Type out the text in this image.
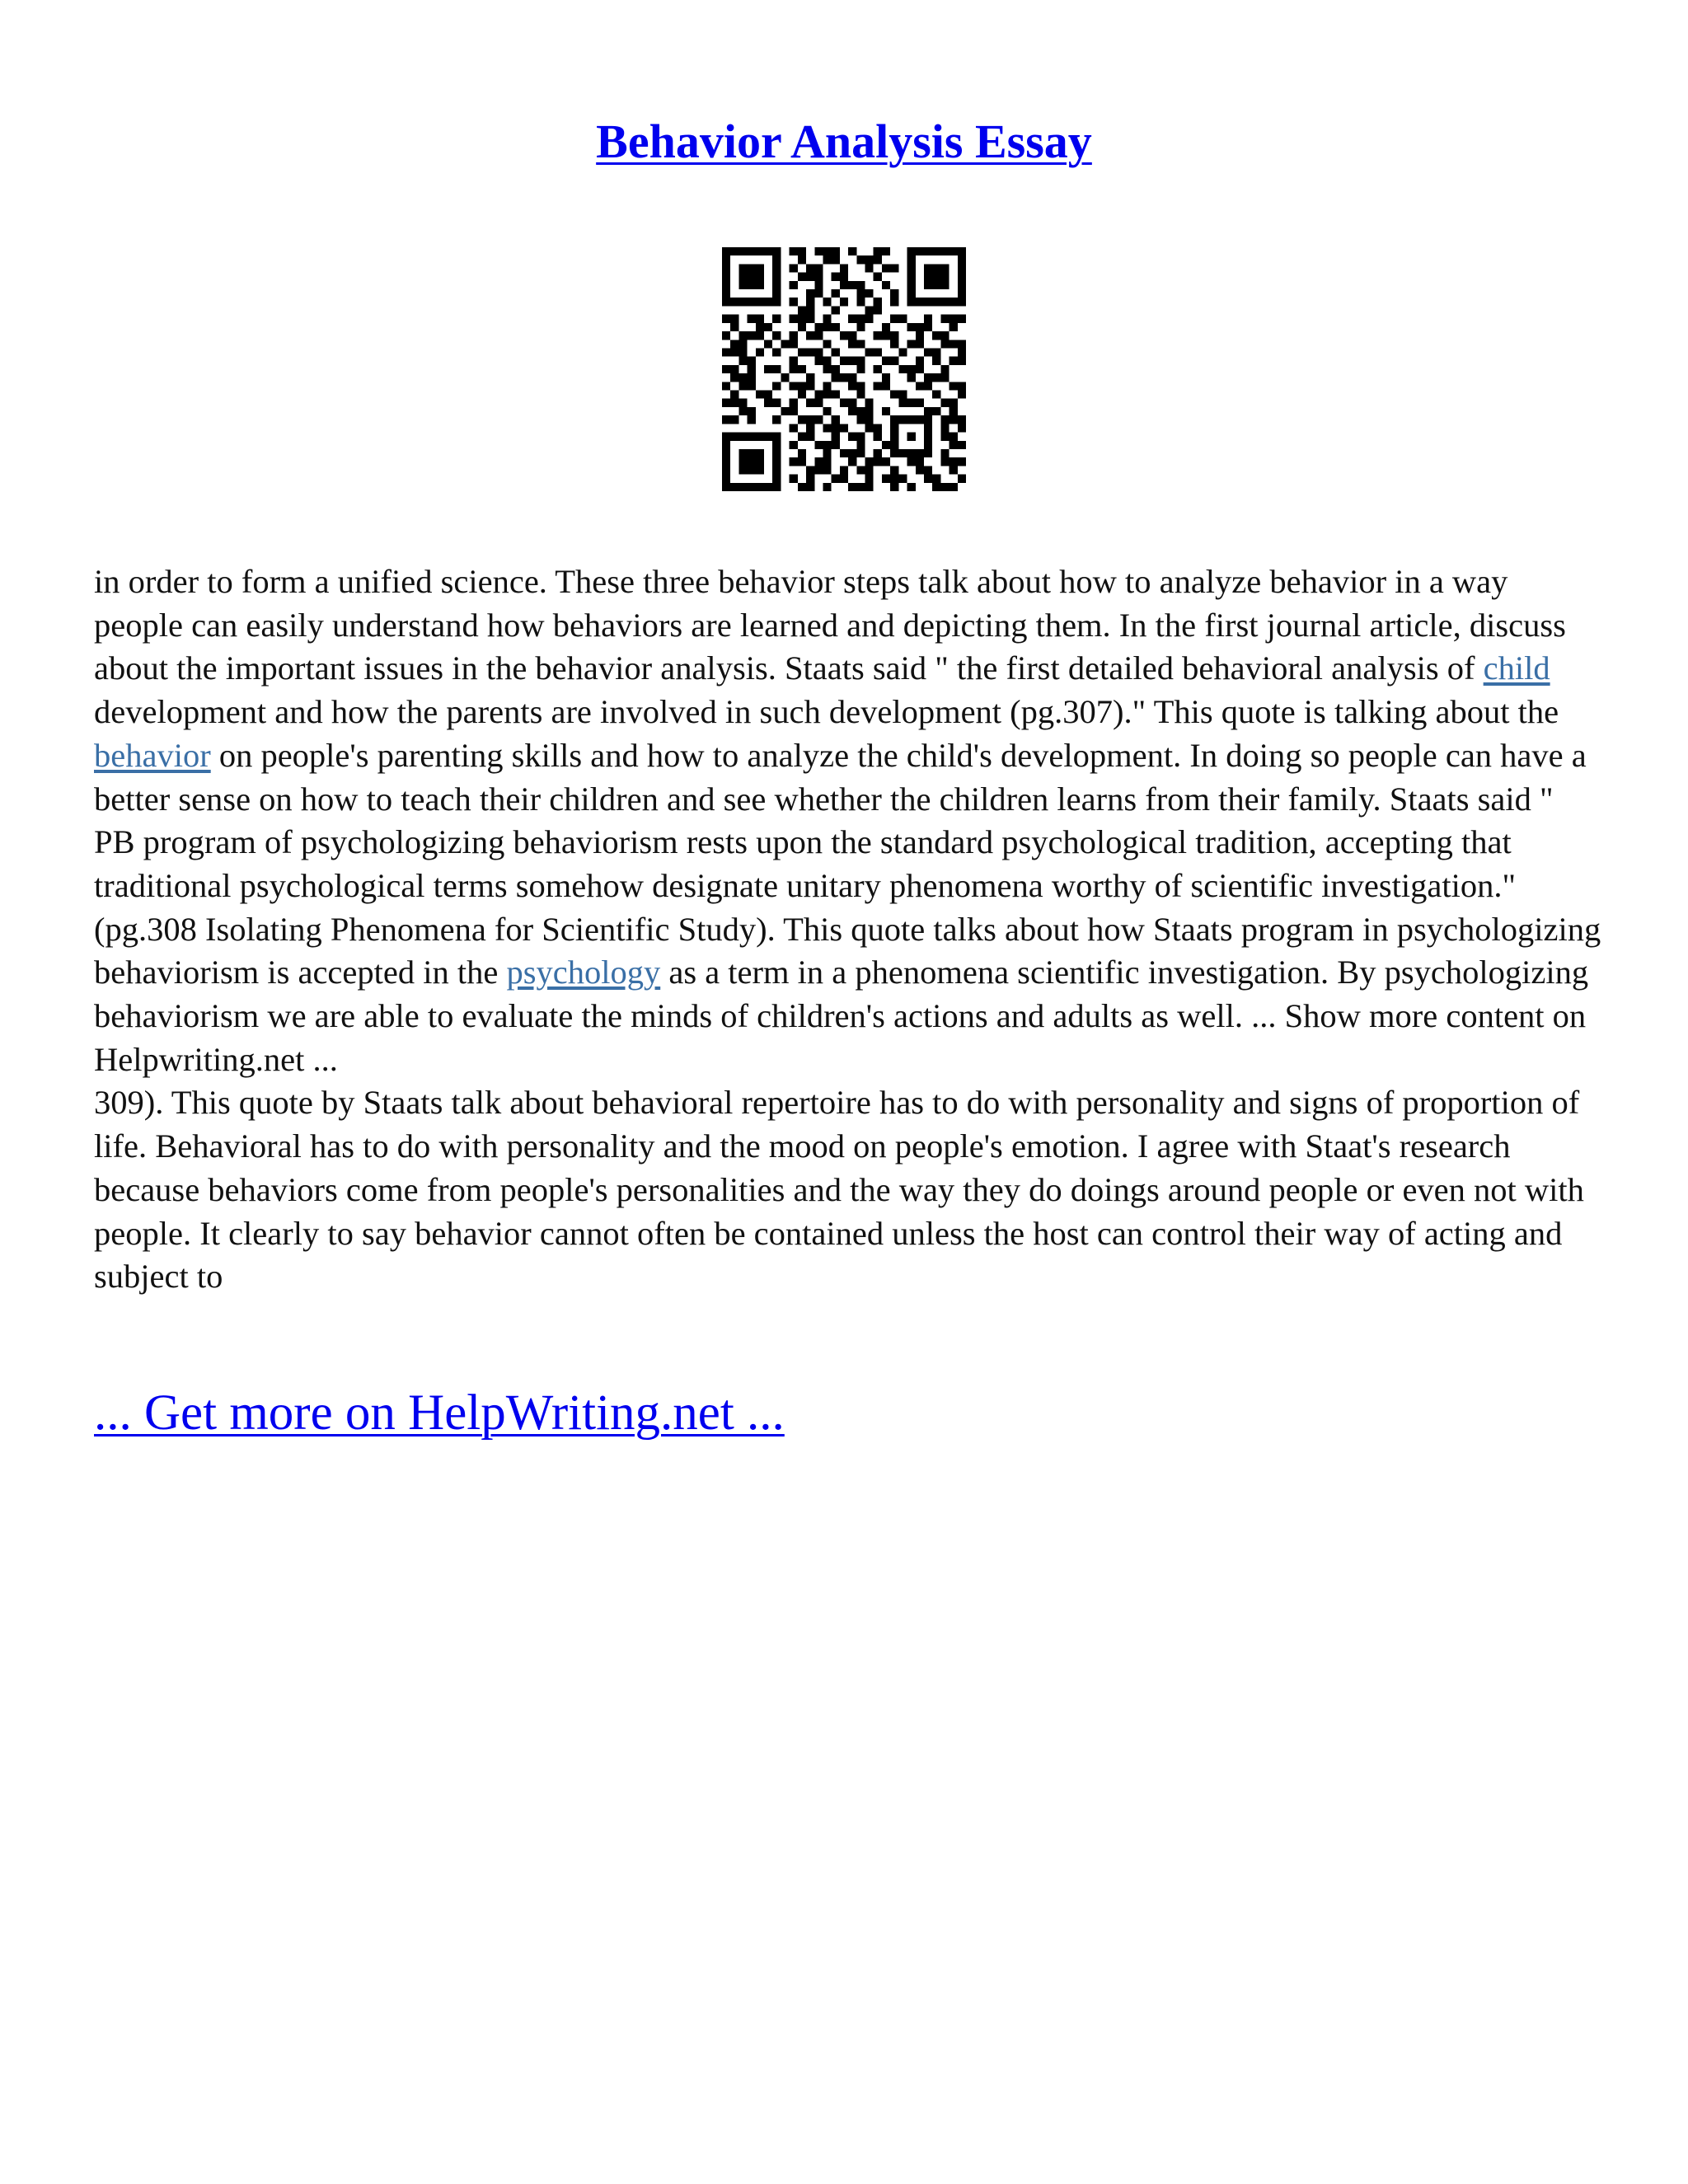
Behavior Analysis Essay

in order to form a unified science. These three behavior steps talk about how to analyze behavior in a way people can easily understand how behaviors are learned and depicting them. In the first journal article, discuss about the important issues in the behavior analysis. Staats said " the first detailed behavioral analysis of child development and how the parents are involved in such development (pg.307)." This quote is talking about the behavior on people's parenting skills and how to analyze the child's development. In doing so people can have a better sense on how to teach their children and see whether the children learns from their family. Staats said " PB program of psychologizing behaviorism rests upon the standard psychological tradition, accepting that traditional psychological terms somehow designate unitary phenomena worthy of scientific investigation." (pg.308 Isolating Phenomena for Scientific Study). This quote talks about how Staats program in psychologizing behaviorism is accepted in the psychology as a term in a phenomena scientific investigation. By psychologizing behaviorism we are able to evaluate the minds of children's actions and adults as well. ... Show more content on Helpwriting.net ...
309). This quote by Staats talk about behavioral repertoire has to do with personality and signs of proportion of life. Behavioral has to do with personality and the mood on people's emotion. I agree with Staat's research because behaviors come from people's personalities and the way they do doings around people or even not with people. It clearly to say behavior cannot often be contained unless the host can control their way of acting and subject to

... Get more on HelpWriting.net ...
